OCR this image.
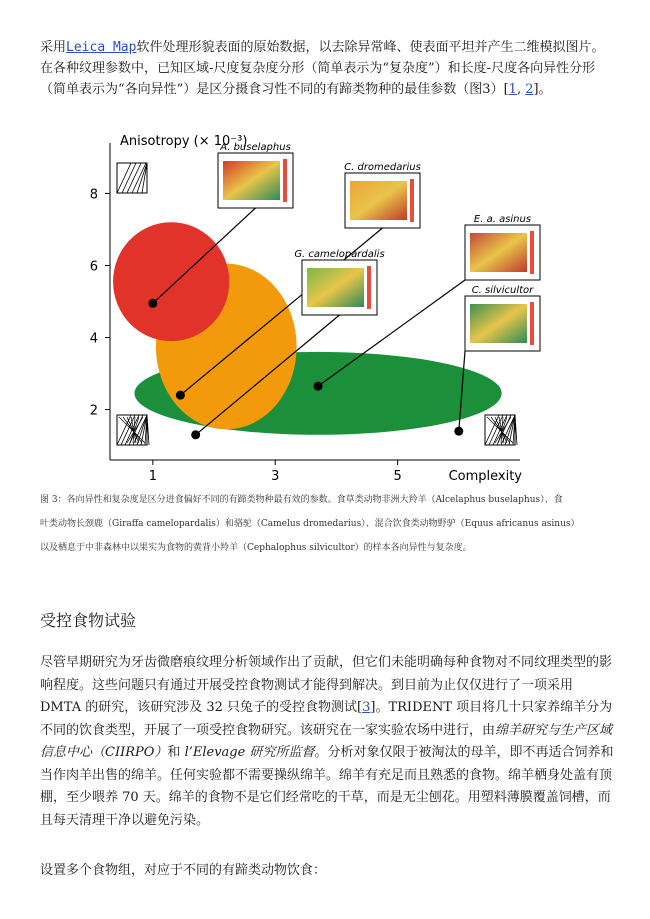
采用Leica Map软件处理形貌表面的原始数据，以去除异常峰、使表面平坦并产生二维模拟图片。在各种纹理参数中，已知区域-尺度复杂度分形（简单表示为“复杂度”）和长度-尺度各向异性分形（简单表示为“各向异性”）是区分摄食习性不同的有蹄类物种的最佳参数（图3）[1, 2]。

1	3	5
2
4
6
8
Anisotropy (× 10⁻³)
Complexity
A. buselaphus
C. dromedarius
G. camelopardalis
E. a. asinus
C. silvicultor

图 3：各向异性和复杂度是区分进食偏好不同的有蹄类物种最有效的参数。食草类动物非洲大羚羊（Alcelaphus buselaphus）、食

叶类动物长颈鹿（Giraffa camelopardalis）和骆驼（Camelus dromedarius）、混合饮食类动物野驴（Equus africanus asinus）

以及栖息于中非森林中以果实为食物的黄背小羚羊（Cephalophus silvicultor）的样本各向异性与复杂度。

受控食物试验

尽管早期研究为牙齿微磨痕纹理分析领域作出了贡献，但它们未能明确每种食物对不同纹理类型的影响程度。这些问题只有通过开展受控食物测试才能得到解决。到目前为止仅仅进行了一项采用 DMTA 的研究，该研究涉及 32 只兔子的受控食物测试[3]。TRIDENT 项目将几十只家养绵羊分为不同的饮食类型，开展了一项受控食物研究。该研究在一家实验农场中进行，由绵羊研究与生产区域信息中心（CIIRPO）和 l’Elevage 研究所监督。分析对象仅限于被淘汰的母羊，即不再适合饲养和当作肉羊出售的绵羊。任何实验都不需要操纵绵羊。绵羊有充足而且熟悉的食物。绵羊栖身处盖有顶棚，至少喂养 70 天。绵羊的食物不是它们经常吃的干草，而是无尘刨花。用塑料薄膜覆盖饲槽，而且每天清理干净以避免污染。

设置多个食物组，对应于不同的有蹄类动物饮食：
